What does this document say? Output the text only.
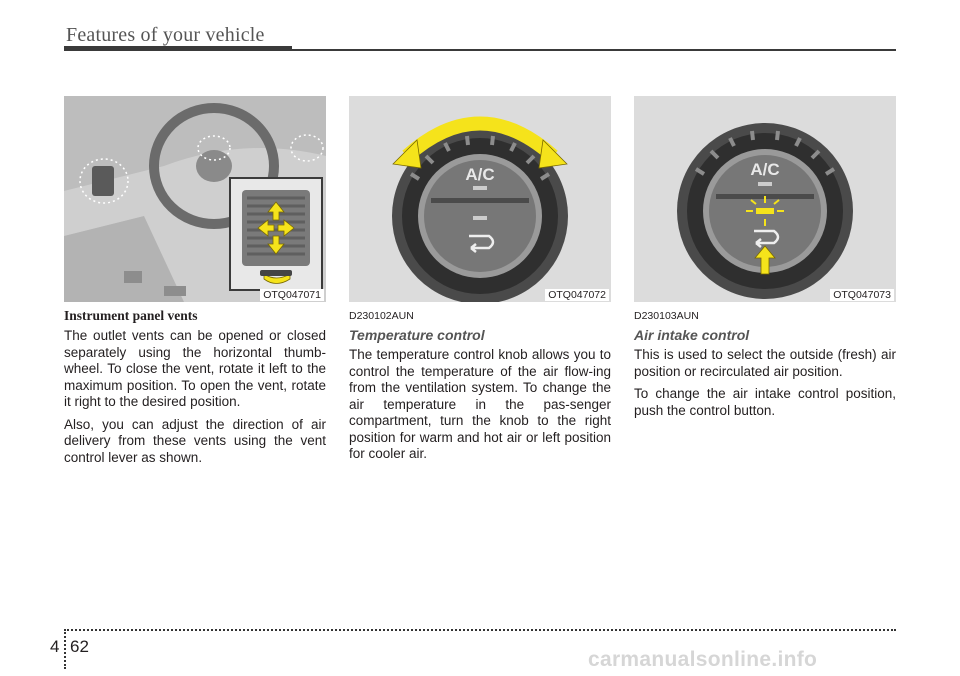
Features of your vehicle
OTQ047071
Instrument panel vents
The outlet vents can be opened or closed separately using the horizontal thumb-wheel. To close the vent, rotate it left to the maximum position. To open the vent, rotate it right to the desired position.
Also, you can adjust the direction of air delivery from these vents using the vent control lever as shown.
A/C
OTQ047072
D230102AUN
Temperature control
The temperature control knob allows you to control the temperature of the air flow-ing from the ventilation system. To change the air temperature in the pas-senger compartment, turn the knob to the right position for warm and hot air or left position for cooler air.
A/C
OTQ047073
D230103AUN
Air intake control
This is used to select the outside (fresh) air position or recirculated air position.
To change the air intake control position, push the control button.
4 62
carmanualsonline.info
